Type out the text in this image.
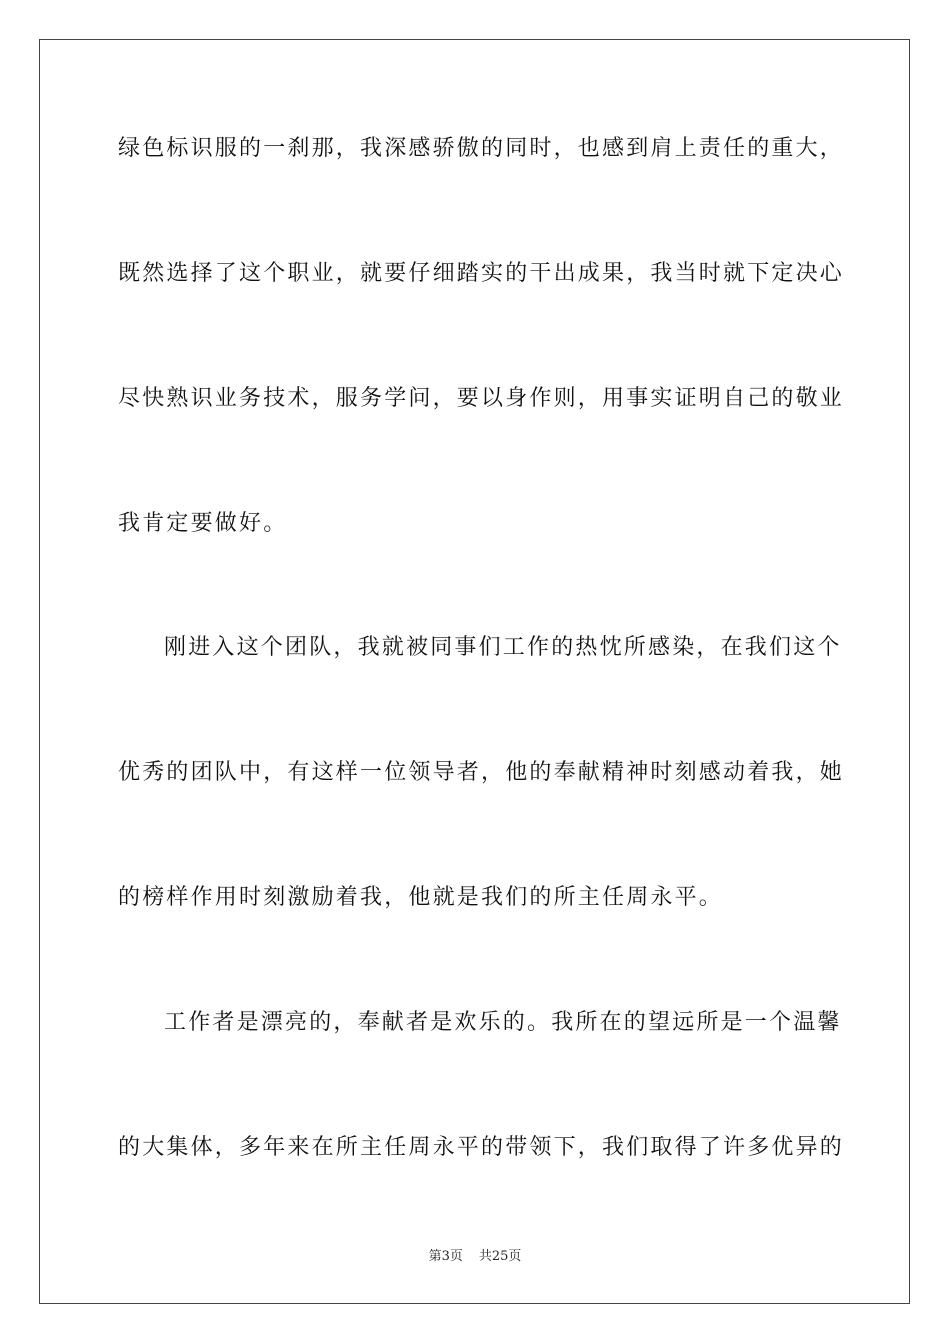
绿色标识服的一刹那，我深感骄傲的同时，也感到肩上责任的重大，
既然选择了这个职业，就要仔细踏实的干出成果，我当时就下定决心
尽快熟识业务技术，服务学问，要以身作则，用事实证明自己的敬业
我肯定要做好。
刚进入这个团队，我就被同事们工作的热忱所感染，在我们这个
优秀的团队中，有这样一位领导者，他的奉献精神时刻感动着我，她
的榜样作用时刻激励着我，他就是我们的所主任周永平。
工作者是漂亮的，奉献者是欢乐的。我所在的望远所是一个温馨
的大集体，多年来在所主任周永平的带领下，我们取得了许多优异的
第3页 共25页
